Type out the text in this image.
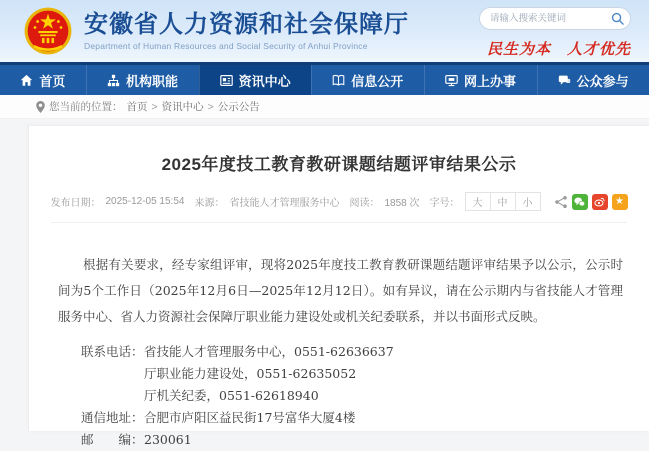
安徽省人力资源和社会保障厅
Department of Human Resources and Social Security of Anhui Province
请输入搜索关键词	民生为本　人才优先
首页	机构职能	资讯中心	信息公开	网上办事	公众参与
您当前的位置： 首页 > 资讯中心 > 公示公告
2025年度技工教育教研课题结题评审结果公示
发布日期： 2025-12-05 15:54 来源： 省技能人才管理服务中心 阅读： 1858 次 字号：	大	中	小	★

根据有关要求，经专家组评审，现将2025年度技工教育教研课题结题评审结果予以公示，公示时间为5个工作日（2025年12月6日—2025年12月12日）。如有异议，请在公示期内与省技能人才管理服务中心、省人力资源社会保障厅职业能力建设处或机关纪委联系，并以书面形式反映。

联系电话： 省技能人才管理服务中心，0551-62636637
厅职业能力建设处，0551-62635052
厅机关纪委，0551-62618940
通信地址： 合肥市庐阳区益民街17号富华大厦4楼
邮　　编： 230061
